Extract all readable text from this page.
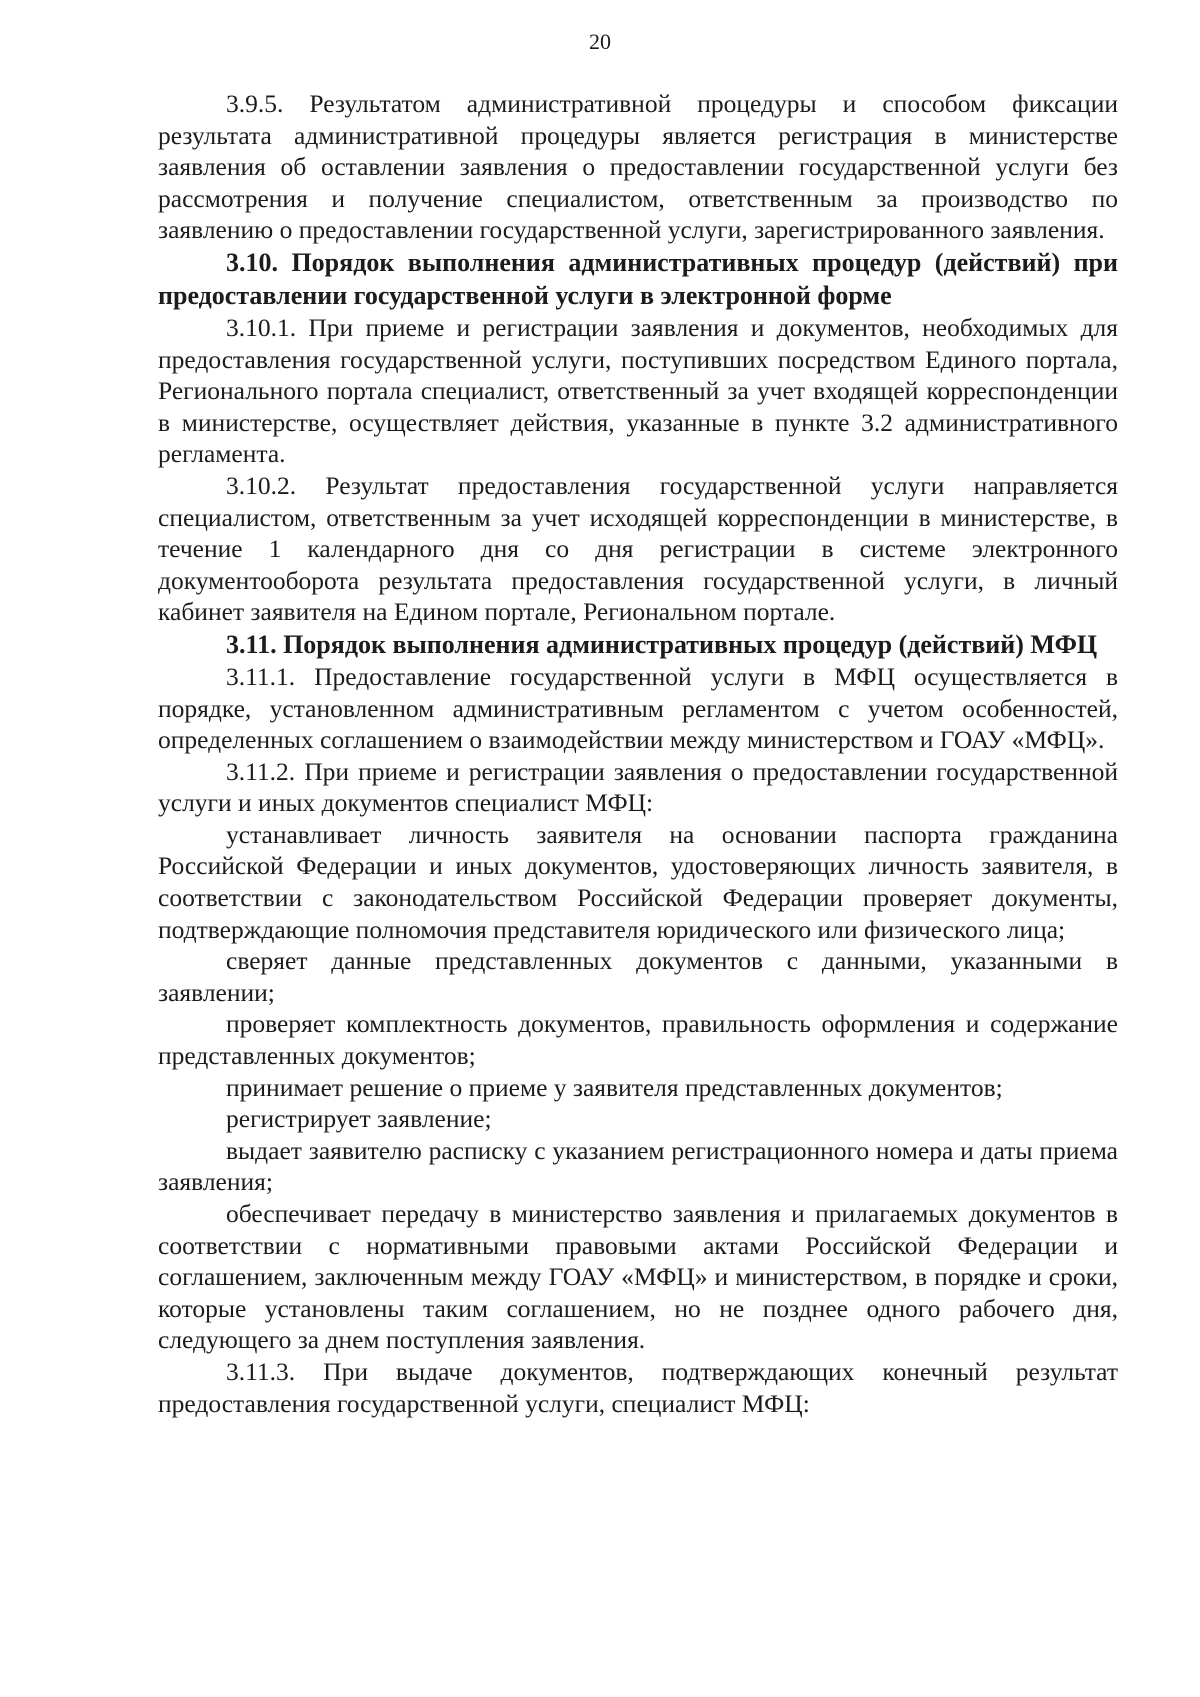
20

3.9.5. Результатом административной процедуры и способом фиксации результата административной процедуры является регистрация в министерстве заявления об оставлении заявления о предоставлении государственной услуги без рассмотрения и получение специалистом, ответственным за производство по заявлению о предоставлении государственной услуги, зарегистрированного заявления.

3.10. Порядок выполнения административных процедур (действий) при предоставлении государственной услуги в электронной форме

3.10.1. При приеме и регистрации заявления и документов, необходимых для предоставления государственной услуги, поступивших посредством Единого портала, Регионального портала специалист, ответственный за учет входящей корреспонденции в министерстве, осуществляет действия, указанные в пункте 3.2 административного регламента.

3.10.2. Результат предоставления государственной услуги направляется специалистом, ответственным за учет исходящей корреспонденции в министерстве, в течение 1 календарного дня со дня регистрации в системе электронного документооборота результата предоставления государственной услуги, в личный кабинет заявителя на Едином портале, Региональном портале.

3.11. Порядок выполнения административных процедур (действий) МФЦ

3.11.1. Предоставление государственной услуги в МФЦ осуществляется в порядке, установленном административным регламентом с учетом особенностей, определенных соглашением о взаимодействии между министерством и ГОАУ «МФЦ».

3.11.2. При приеме и регистрации заявления о предоставлении государственной услуги и иных документов специалист МФЦ:

устанавливает личность заявителя на основании паспорта гражданина Российской Федерации и иных документов, удостоверяющих личность заявителя, в соответствии с законодательством Российской Федерации проверяет документы, подтверждающие полномочия представителя юридического или физического лица;

сверяет данные представленных документов с данными, указанными в заявлении;

проверяет комплектность документов, правильность оформления и содержание представленных документов;

принимает решение о приеме у заявителя представленных документов;

регистрирует заявление;

выдает заявителю расписку с указанием регистрационного номера и даты приема заявления;

обеспечивает передачу в министерство заявления и прилагаемых документов в соответствии с нормативными правовыми актами Российской Федерации и соглашением, заключенным между ГОАУ «МФЦ» и министерством, в порядке и сроки, которые установлены таким соглашением, но не позднее одного рабочего дня, следующего за днем поступления заявления.

3.11.3. При выдаче документов, подтверждающих конечный результат предоставления государственной услуги, специалист МФЦ:
